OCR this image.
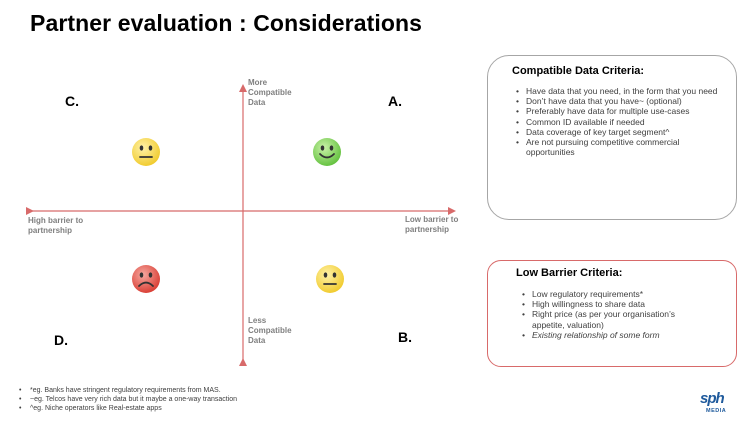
Partner evaluation : Considerations
More
Compatible
Data
Less
Compatible
Data
High barrier to
partnership
Low barrier to
partnership
C.	A.
D.	B.
Compatible Data Criteria:
• Have data that you need, in the form that you need
• Don’t have data that you have~ (optional)
• Preferably have data for multiple use-cases
• Common ID available if needed
• Data coverage of key target segment^
• Are not pursuing competitive commercial opportunities
Low Barrier Criteria:
• Low regulatory requirements*
• High willingness to share data
• Right price (as per your organisation’s appetite, valuation)
• Existing relationship of some form
• *eg. Banks have stringent regulatory requirements from MAS.
• ~eg. Telcos have very rich data but it maybe a one-way transaction
• ^eg. Niche operators like Real-estate apps
sph
MEDIA
